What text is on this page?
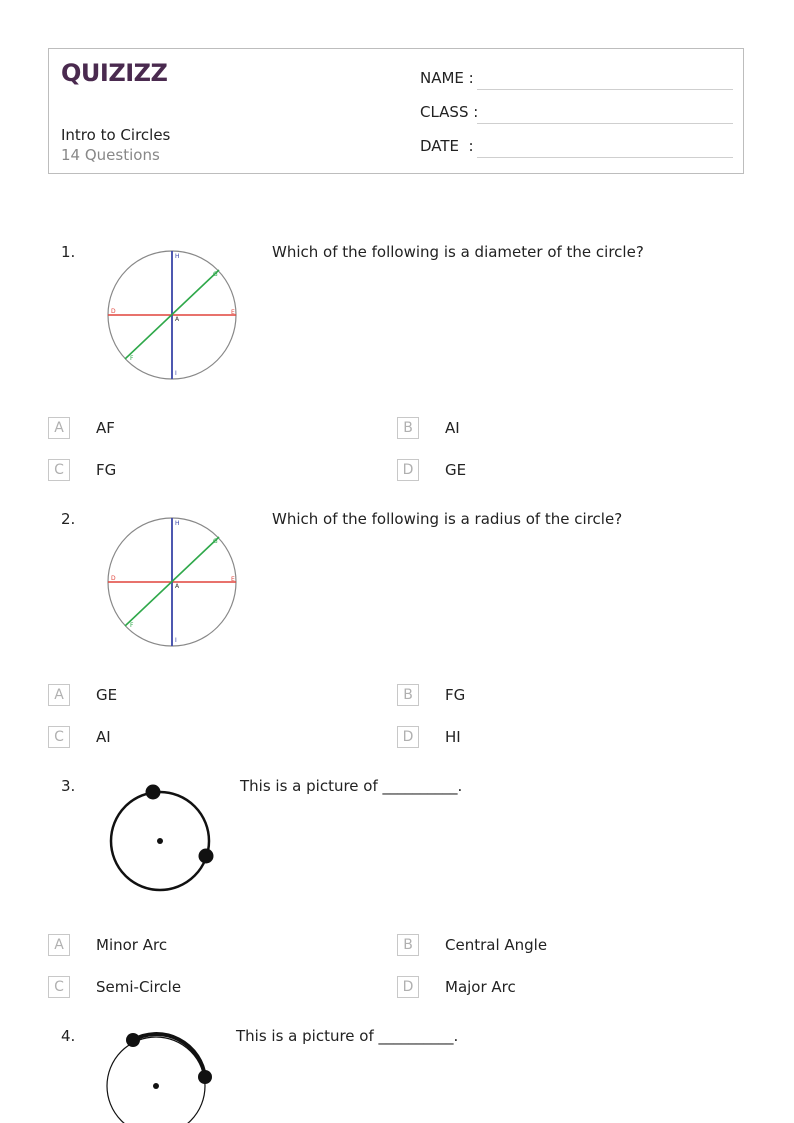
QUIZIZZ
Intro to Circles
14 Questions
NAME :
CLASS :
DATE  :
1.	H
G
D
A
E
F
I
Which of the following is a diameter of the circle?
A	AF	B	AI
C	FG	D	GE
2.	H
G
D
A
E
F
I
Which of the following is a radius of the circle?
A	GE	B	FG
C	AI	D	HI
3.	This is a picture of __________.
A	Minor Arc	B	Central Angle
C	Semi-Circle	D	Major Arc
4.	This is a picture of __________.
